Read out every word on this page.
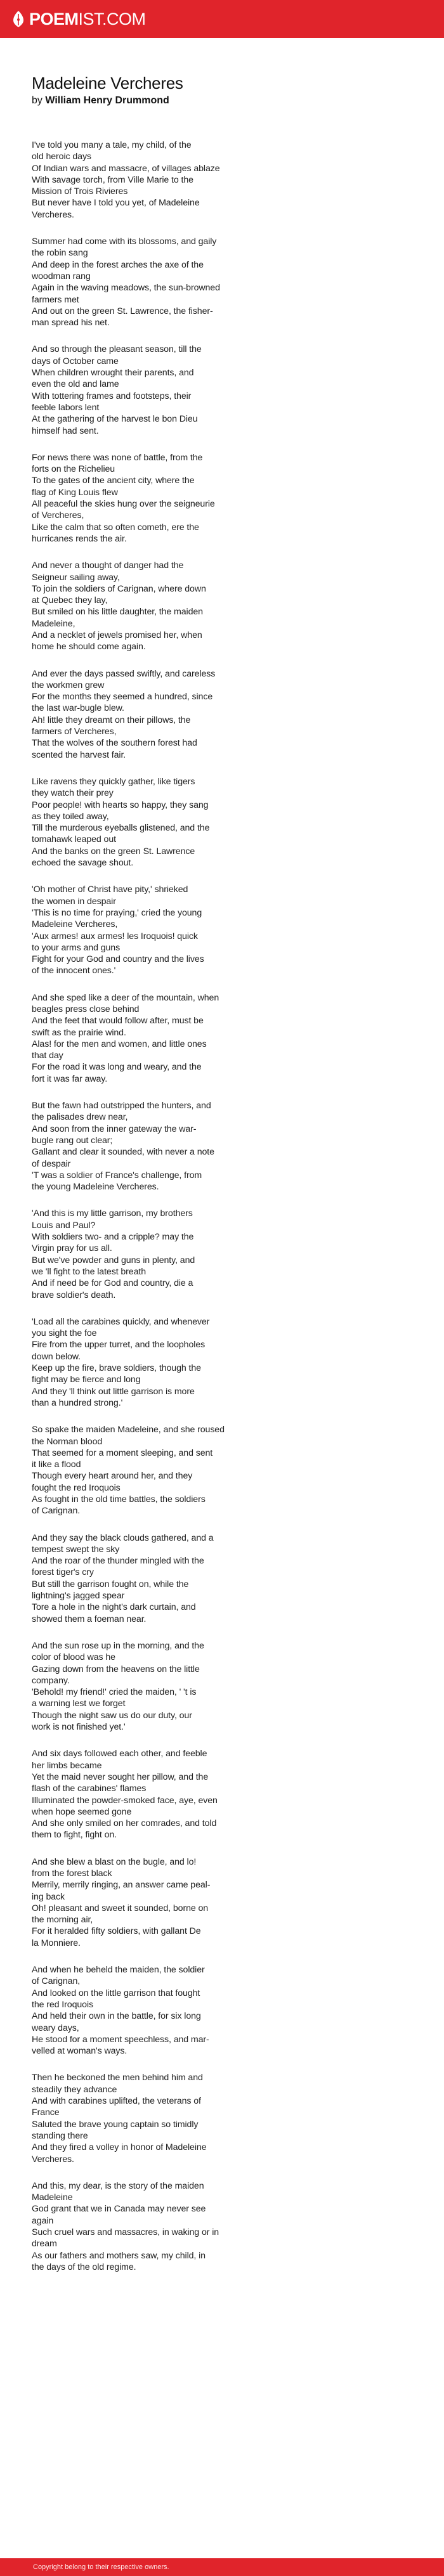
POEMIST.COM
Madeleine Vercheres
by William Henry Drummond
I've told you many a tale, my child, of the
old heroic days
Of Indian wars and massacre, of villages ablaze
With savage torch, from Ville Marie to the
Mission of Trois Rivieres
But never have I told you yet, of Madeleine
Vercheres.
Summer had come with its blossoms, and gaily
the robin sang
And deep in the forest arches the axe of the
woodman rang
Again in the waving meadows, the sun-browned
farmers met
And out on the green St. Lawrence, the fisher-
man spread his net.
And so through the pleasant season, till the
days of October came
When children wrought their parents, and
even the old and lame
With tottering frames and footsteps, their
feeble labors lent
At the gathering of the harvest le bon Dieu
himself had sent.
For news there was none of battle, from the
forts on the Richelieu
To the gates of the ancient city, where the
flag of King Louis flew
All peaceful the skies hung over the seigneurie
of Vercheres,
Like the calm that so often cometh, ere the
hurricanes rends the air.
And never a thought of danger had the
Seigneur sailing away,
To join the soldiers of Carignan, where down
at Quebec they lay,
But smiled on his little daughter, the maiden
Madeleine,
And a necklet of jewels promised her, when
home he should come again.
And ever the days passed swiftly, and careless
the workmen grew
For the months they seemed a hundred, since
the last war-bugle blew.
Ah! little they dreamt on their pillows, the
farmers of Vercheres,
That the wolves of the southern forest had
scented the harvest fair.
Like ravens they quickly gather, like tigers
they watch their prey
Poor people! with hearts so happy, they sang
as they toiled away,
Till the murderous eyeballs glistened, and the
tomahawk leaped out
And the banks on the green St. Lawrence
echoed the savage shout.
'Oh mother of Christ have pity,' shrieked
the women in despair
'This is no time for praying,' cried the young
Madeleine Vercheres,
'Aux armes! aux armes! les Iroquois! quick
to your arms and guns
Fight for your God and country and the lives
of the innocent ones.'
And she sped like a deer of the mountain, when
beagles press close behind
And the feet that would follow after, must be
swift as the prairie wind.
Alas! for the men and women, and little ones
that day
For the road it was long and weary, and the
fort it was far away.
But the fawn had outstripped the hunters, and
the palisades drew near,
And soon from the inner gateway the war-
bugle rang out clear;
Gallant and clear it sounded, with never a note
of despair
'T was a soldier of France's challenge, from
the young Madeleine Vercheres.
'And this is my little garrison, my brothers
Louis and Paul?
With soldiers two- and a cripple? may the
Virgin pray for us all.
But we've powder and guns in plenty, and
we 'll fight to the latest breath
And if need be for God and country, die a
brave soldier's death.
'Load all the carabines quickly, and whenever
you sight the foe
Fire from the upper turret, and the loopholes
down below.
Keep up the fire, brave soldiers, though the
fight may be fierce and long
And they 'll think out little garrison is more
than a hundred strong.'
So spake the maiden Madeleine, and she roused
the Norman blood
That seemed for a moment sleeping, and sent
it like a flood
Though every heart around her, and they
fought the red Iroquois
As fought in the old time battles, the soldiers
of Carignan.
And they say the black clouds gathered, and a
tempest swept the sky
And the roar of the thunder mingled with the
forest tiger's cry
But still the garrison fought on, while the
lightning's jagged spear
Tore a hole in the night's dark curtain, and
showed them a foeman near.
And the sun rose up in the morning, and the
color of blood was he
Gazing down from the heavens on the little
company.
'Behold! my friend!' cried the maiden, ' 't is
a warning lest we forget
Though the night saw us do our duty, our
work is not finished yet.'
And six days followed each other, and feeble
her limbs became
Yet the maid never sought her pillow, and the
flash of the carabines' flames
Illuminated the powder-smoked face, aye, even
when hope seemed gone
And she only smiled on her comrades, and told
them to fight, fight on.
And she blew a blast on the bugle, and lo!
from the forest black
Merrily, merrily ringing, an answer came peal-
ing back
Oh! pleasant and sweet it sounded, borne on
the morning air,
For it heralded fifty soldiers, with gallant De
la Monniere.
And when he beheld the maiden, the soldier
of Carignan,
And looked on the little garrison that fought
the red Iroquois
And held their own in the battle, for six long
weary days,
He stood for a moment speechless, and mar-
velled at woman's ways.
Then he beckoned the men behind him and
steadily they advance
And with carabines uplifted, the veterans of
France
Saluted the brave young captain so timidly
standing there
And they fired a volley in honor of Madeleine
Vercheres.
And this, my dear, is the story of the maiden
Madeleine
God grant that we in Canada may never see
again
Such cruel wars and massacres, in waking or in
dream
As our fathers and mothers saw, my child, in
the days of the old regime.
Copyright belong to their respective owners.
